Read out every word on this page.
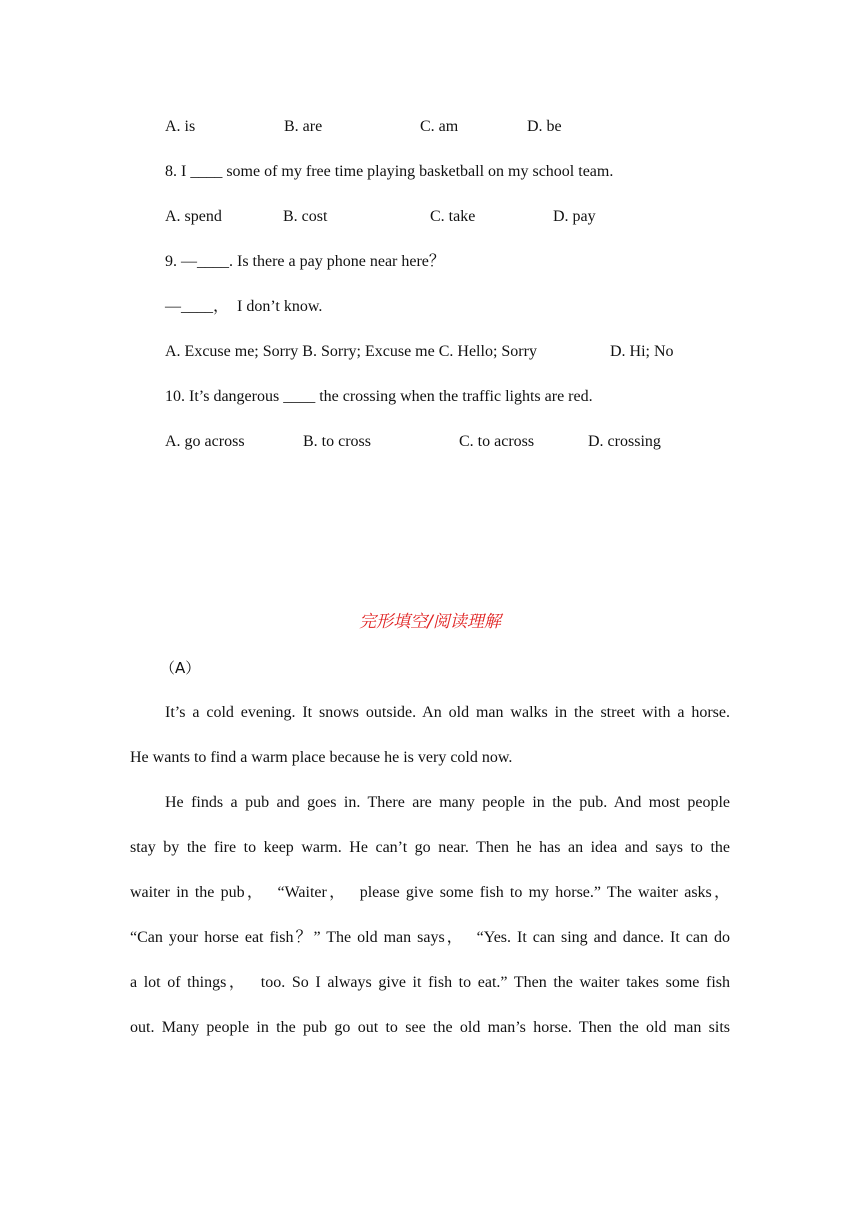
A. is	B. are	C. am	D. be
8. I ____ some of my free time playing basketball on my school team.
A. spend	B. cost	C. take	D. pay
9. —____. Is there a pay phone near here？
—____，  I don’t know.
A. Excuse me; Sorry B. Sorry; Excuse me C. Hello; Sorry	D. Hi; No
10. It’s dangerous ____ the crossing when the traffic lights are red.
A. go across	B. to cross	C. to across	D. crossing
完形填空/阅读理解
（A）
It’s a cold evening. It snows outside. An old man walks in the street with a horse.
He wants to find a warm place because he is very cold now.
He finds a pub and goes in. There are many people in the pub. And most people
stay by the fire to keep warm. He can’t go near. Then he has an idea and says to the
waiter in the pub，  “Waiter，  please give some fish to my horse.” The waiter asks，
“Can your horse eat fish？” The old man says，  “Yes. It can sing and dance. It can do
a lot of things，  too. So I always give it fish to eat.” Then the waiter takes some fish
out. Many people in the pub go out to see the old man’s horse. Then the old man sits
